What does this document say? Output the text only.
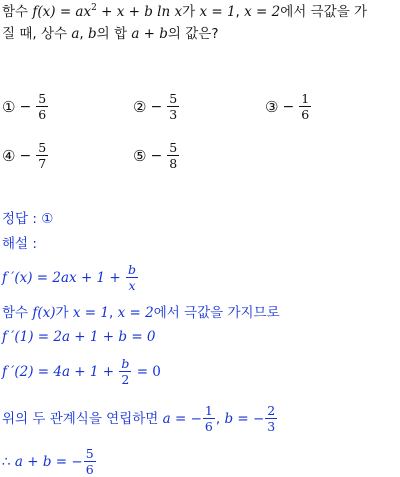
함수 $f(x) = ax^2 + x + b$ ln x가 x = 1, x = 2에서 극값을 가
질 때, 상수 a, b의 합 a + b의 값은?
① − $\frac{5}{6}$	② − $\frac{5}{3}$	③ − $\frac{1}{6}$
④ − $\frac{5}{7}$	⑤ − $\frac{5}{8}$
정답 : ①
해설 :
f $'(x) = 2ax + 1 + \frac{b}{x}$
함수 f(x)가 x = 1, x = 2에서 극값을 가지므로
f ′(1) = 2a + 1 + b = 0
f $'(2) = 4a + 1 + \frac{b}{2} = 0$
위의 두 관계식을 연립하면 a = − $\frac{1}{6}$ , b = − $\frac{2}{3}$
∴ a + b = − $\frac{5}{6}$
